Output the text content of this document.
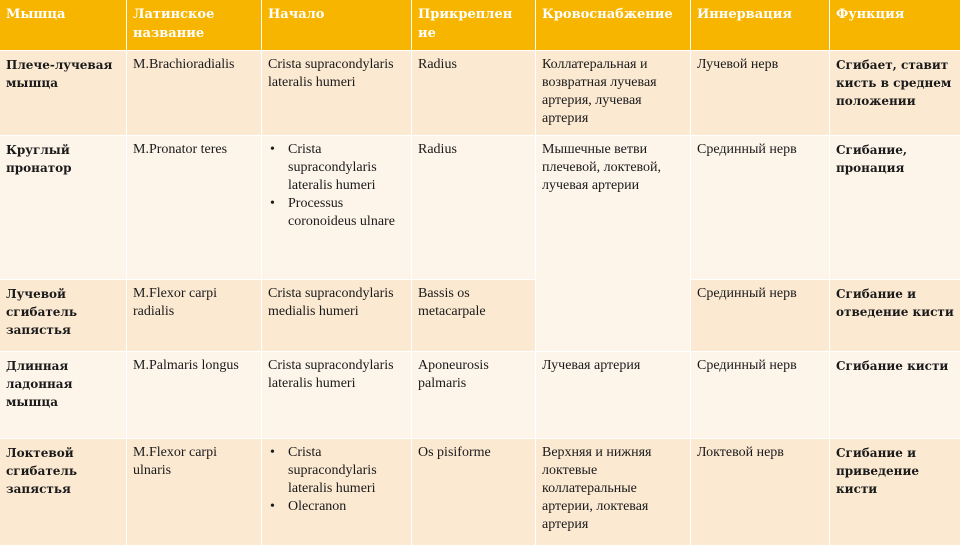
Мышца	Латинское название
Начало	Прикреплен ие
Кровоснабжение	Иннервация	Функция
Плече-лучевая мышца
M.Brachioradialis	Crista supracondylaris lateralis humeri
Radius	Коллатеральная и возвратная лучевая артерия, лучевая артерия
Лучевой нерв	Сгибает, ставит кисть в среднем положении
Круглый пронатор
M.Pronator teres
•	Crista supracondylaris lateralis humeri
• Processus coronoideus ulnare
Radius	Мышечные ветви плечевой, локтевой, лучевая артерии
Срединный нерв	Сгибание, пронация
Лучевой сгибатель запястья
M.Flexor carpi radialis
Crista supracondylaris medialis humeri
Bassis os metacarpale
Срединный нерв	Сгибание и отведение кисти
Длинная ладонная мышца
M.Palmaris longus	Crista supracondylaris lateralis humeri
Aponeurosis palmaris
Лучевая артерия	Срединный нерв	Сгибание кисти
Локтевой сгибатель запястья
M.Flexor carpi ulnaris
• Crista supracondylaris lateralis humeri
• Olecranon
Os pisiforme	Верхняя и нижняя локтевые коллатеральные артерии, локтевая артерия
Локтевой нерв	Сгибание и приведение кисти
